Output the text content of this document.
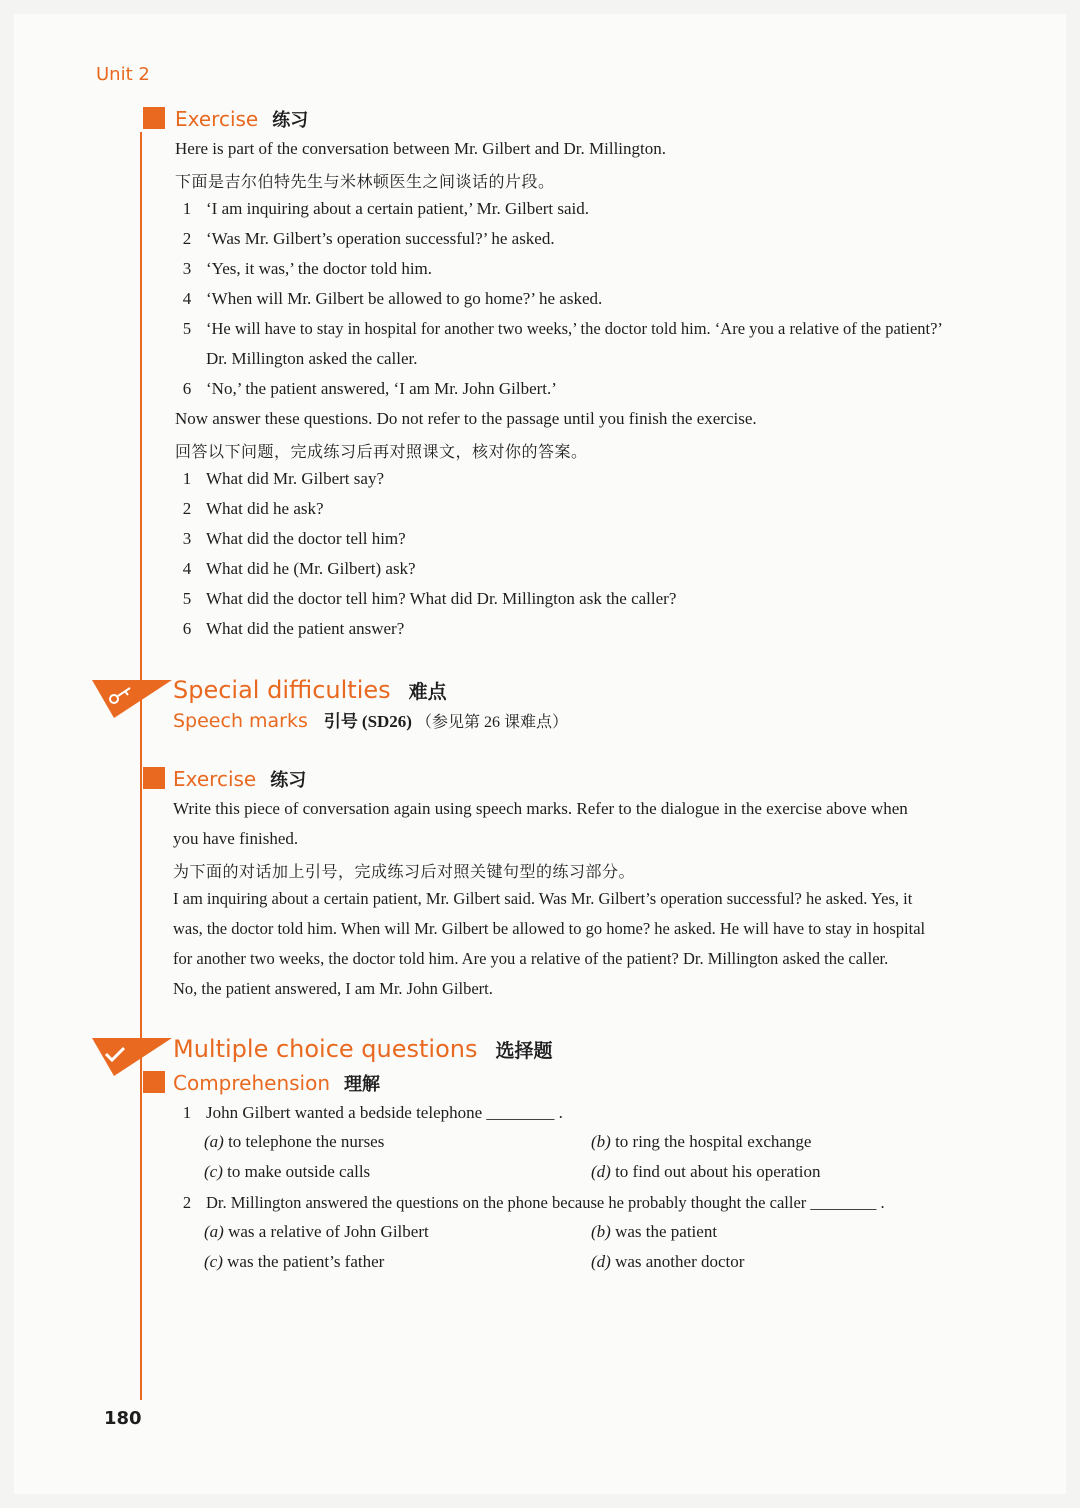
Unit 2
Exercise 练习
Here is part of the conversation between Mr. Gilbert and Dr. Millington.
下面是吉尔伯特先生与米林顿医生之间谈话的片段。
1 ‘I am inquiring about a certain patient,’ Mr. Gilbert said.
2 ‘Was Mr. Gilbert’s operation successful?’ he asked.
3 ‘Yes, it was,’ the doctor told him.
4 ‘When will Mr. Gilbert be allowed to go home?’ he asked.
5 ‘He will have to stay in hospital for another two weeks,’ the doctor told him. ‘Are you a relative of the patient?’
Dr. Millington asked the caller.
6 ‘No,’ the patient answered, ‘I am Mr. John Gilbert.’
Now answer these questions. Do not refer to the passage until you finish the exercise.
回答以下问题，完成练习后再对照课文，核对你的答案。
1 What did Mr. Gilbert say?
2 What did he ask?
3 What did the doctor tell him?
4 What did he (Mr. Gilbert) ask?
5 What did the doctor tell him? What did Dr. Millington ask the caller?
6 What did the patient answer?
Special difficulties 难点
Speech marks 引号 (SD26) （参见第 26 课难点）
Exercise 练习
Write this piece of conversation again using speech marks. Refer to the dialogue in the exercise above when
you have finished.
为下面的对话加上引号，完成练习后对照关键句型的练习部分。
I am inquiring about a certain patient, Mr. Gilbert said. Was Mr. Gilbert’s operation successful? he asked. Yes, it
was, the doctor told him. When will Mr. Gilbert be allowed to go home? he asked. He will have to stay in hospital
for another two weeks, the doctor told him. Are you a relative of the patient? Dr. Millington asked the caller.
No, the patient answered, I am Mr. John Gilbert.
Multiple choice questions 选择题
Comprehension 理解
1 John Gilbert wanted a bedside telephone ________ .
(a) to telephone the nurses	(b) to ring the hospital exchange
(c) to make outside calls	(d) to find out about his operation
2 Dr. Millington answered the questions on the phone because he probably thought the caller ________ .
(a) was a relative of John Gilbert	(b) was the patient
(c) was the patient’s father	(d) was another doctor
180
